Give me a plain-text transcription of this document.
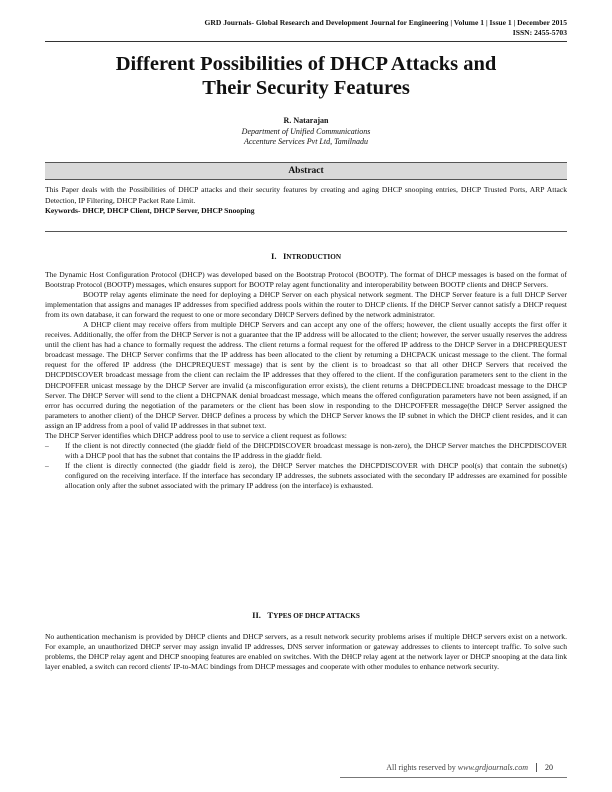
GRD Journals- Global Research and Development Journal for Engineering | Volume 1 | Issue 1 | December 2015
ISSN: 2455-5703
Different Possibilities of DHCP Attacks and
Their Security Features
R. Natarajan
Department of Unified Communications
Accenture Services Pvt Ltd, Tamilnadu
Abstract
This Paper deals with the Possibilities of DHCP attacks and their security features by creating and aging DHCP snooping entries, DHCP Trusted Ports, ARP Attack Detection, IP Filtering, DHCP Packet Rate Limit.
Keywords- DHCP, DHCP Client, DHCP Server, DHCP Snooping
I. INTRODUCTION

The Dynamic Host Configuration Protocol (DHCP) was developed based on the Bootstrap Protocol (BOOTP). The format of DHCP messages is based on the format of Bootstrap Protocol (BOOTP) messages, which ensures support for BOOTP relay agent functionality and interoperability between BOOTP clients and DHCP Servers.

BOOTP relay agents eliminate the need for deploying a DHCP Server on each physical network segment. The DHCP Server feature is a full DHCP Server implementation that assigns and manages IP addresses from specified address pools within the router to DHCP clients. If the DHCP Server cannot satisfy a DHCP request from its own database, it can forward the request to one or more secondary DHCP Servers defined by the network administrator.

A DHCP client may receive offers from multiple DHCP Servers and can accept any one of the offers; however, the client usually accepts the first offer it receives. Additionally, the offer from the DHCP Server is not a guarantee that the IP address will be allocated to the client; however, the server usually reserves the address until the client has had a chance to formally request the address. The client returns a formal request for the offered IP address to the DHCP Server in a DHCPREQUEST broadcast message. The DHCP Server confirms that the IP address has been allocated to the client by returning a DHCPACK unicast message to the client. The formal request for the offered IP address (the DHCPREQUEST message) that is sent by the client is to broadcast so that all other DHCP Servers that received the DHCPDISCOVER broadcast message from the client can reclaim the IP addresses that they offered to the client. If the configuration parameters sent to the client in the DHCPOFFER unicast message by the DHCP Server are invalid (a misconfiguration error exists), the client returns a DHCPDECLINE broadcast message to the DHCP Server. The DHCP Server will send to the client a DHCPNAK denial broadcast message, which means the offered configuration parameters have not been assigned, if an error has occurred during the negotiation of the parameters or the client has been slow in responding to the DHCPOFFER message(the DHCP Server assigned the parameters to another client) of the DHCP Server. DHCP defines a process by which the DHCP Server knows the IP subnet in which the DHCP client resides, and it can assign an IP address from a pool of valid IP addresses in that subnet text.

The DHCP Server identifies which DHCP address pool to use to service a client request as follows:

–	If the client is not directly connected (the giaddr field of the DHCPDISCOVER broadcast message is non-zero), the DHCP Server matches the DHCPDISCOVER with a DHCP pool that has the subnet that contains the IP address in the giaddr field.
–	If the client is directly connected (the giaddr field is zero), the DHCP Server matches the DHCPDISCOVER with DHCP pool(s) that contain the subnet(s) configured on the receiving interface. If the interface has secondary IP addresses, the subnets associated with the secondary IP addresses are examined for possible allocation only after the subnet associated with the primary IP address (on the interface) is exhausted.
II. TYPES OF DHCP ATTACKS

No authentication mechanism is provided by DHCP clients and DHCP servers, as a result network security problems arises if multiple DHCP servers exist on a network. For example, an unauthorized DHCP server may assign invalid IP addresses, DNS server information or gateway addresses to clients to intercept traffic. To solve such problems, the DHCP relay agent and DHCP snooping features are enabled on switches. With the DHCP relay agent at the network layer or DHCP snooping at the data link layer enabled, a switch can record clients' IP-to-MAC bindings from DHCP messages and cooperate with other modules to enhance network security.

All rights reserved by www.grdjournals.com	20
